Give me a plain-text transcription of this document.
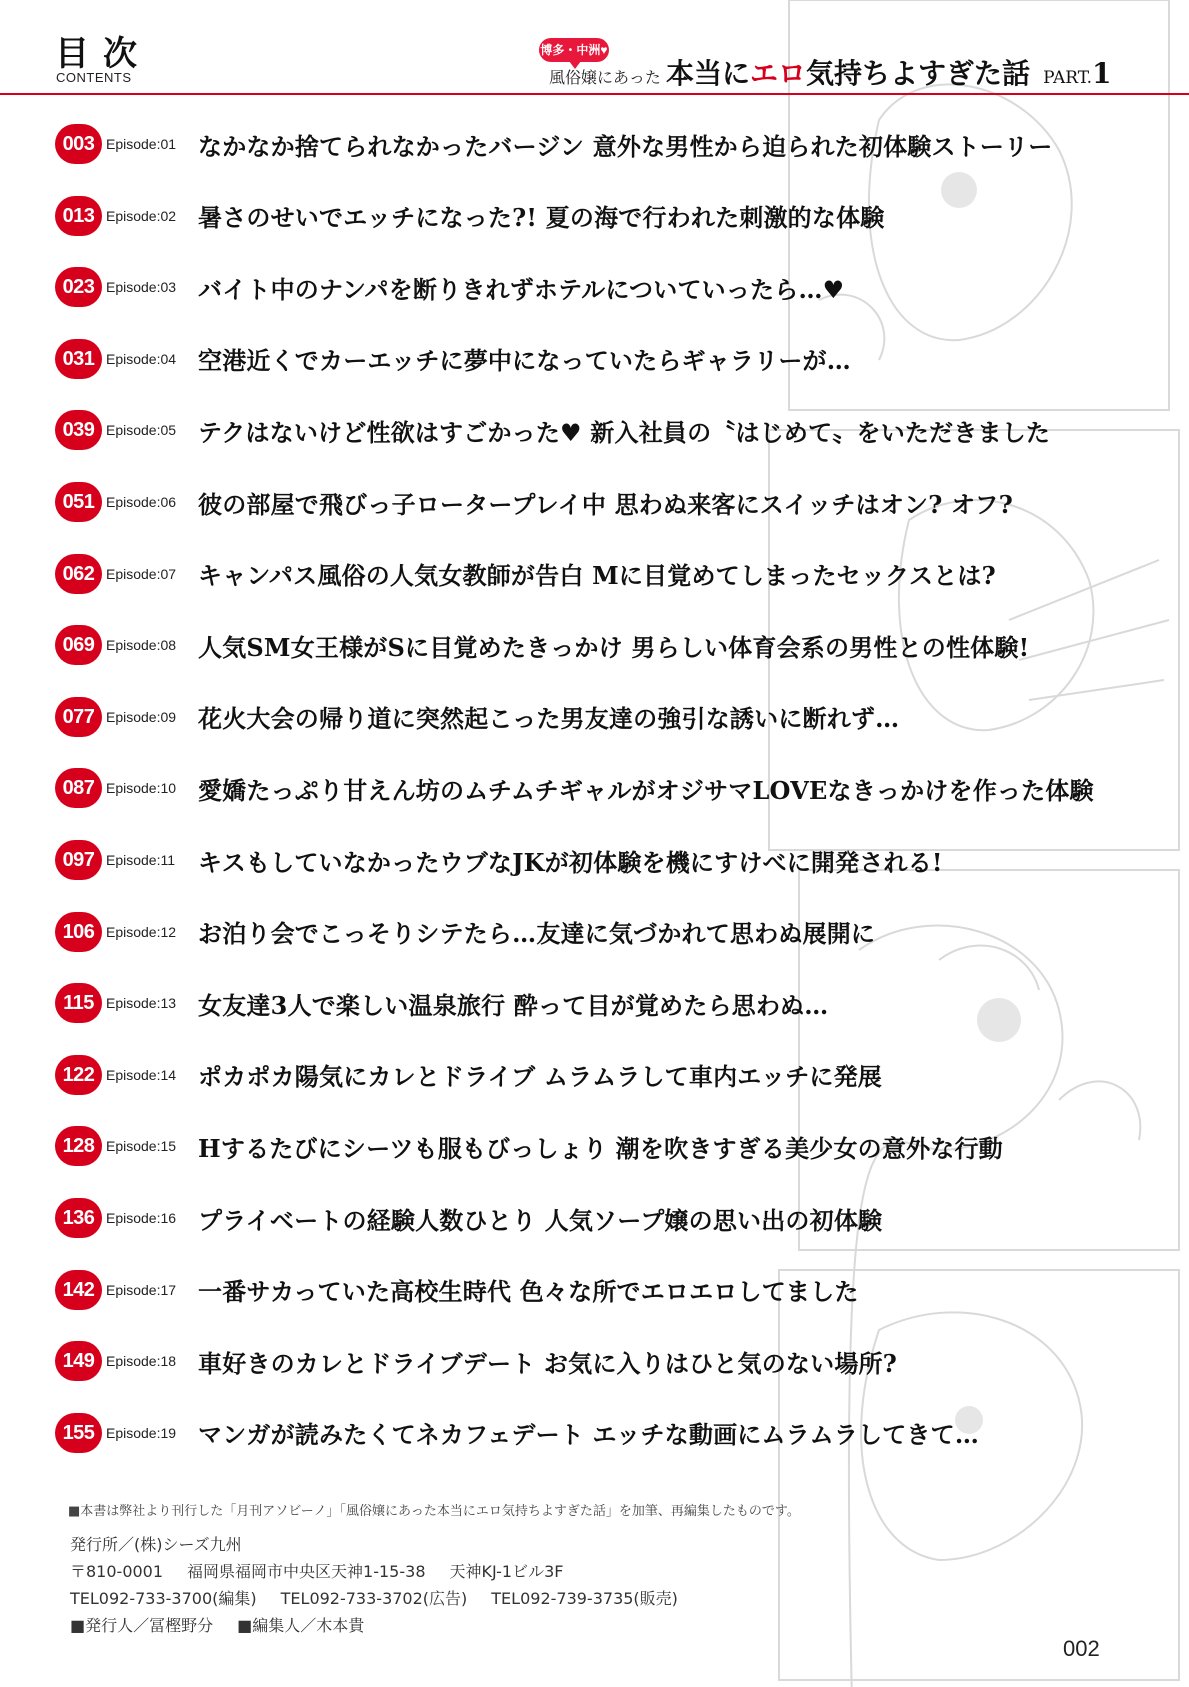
目次
CONTENTS
博多・中洲♥
風俗嬢にあった 本当にエロ気持ちよすぎた話 PART.1
003 Episode:01 なかなか捨てられなかったバージン 意外な男性から迫られた初体験ストーリー
013 Episode:02 暑さのせいでエッチになった?! 夏の海で行われた刺激的な体験
023 Episode:03 バイト中のナンパを断りきれずホテルについていったら…♥
031 Episode:04 空港近くでカーエッチに夢中になっていたらギャラリーが…
039 Episode:05 テクはないけど性欲はすごかった♥ 新入社員の〝はじめて〟をいただきました
051 Episode:06 彼の部屋で飛びっ子ロータープレイ中 思わぬ来客にスイッチはオン? オフ?
062 Episode:07 キャンパス風俗の人気女教師が告白 Mに目覚めてしまったセックスとは?
069 Episode:08 人気SM女王様がSに目覚めたきっかけ 男らしい体育会系の男性との性体験!
077 Episode:09 花火大会の帰り道に突然起こった男友達の強引な誘いに断れず…
087 Episode:10 愛嬌たっぷり甘えん坊のムチムチギャルがオジサマLOVEなきっかけを作った体験
097 Episode:11 キスもしていなかったウブなJKが初体験を機にすけべに開発される!
106 Episode:12 お泊り会でこっそりシテたら…友達に気づかれて思わぬ展開に
115 Episode:13 女友達3人で楽しい温泉旅行 酔って目が覚めたら思わぬ…
122 Episode:14 ポカポカ陽気にカレとドライブ ムラムラして車内エッチに発展
128 Episode:15 Hするたびにシーツも服もびっしょり 潮を吹きすぎる美少女の意外な行動
136 Episode:16 プライベートの経験人数ひとり 人気ソープ嬢の思い出の初体験
142 Episode:17 一番サカっていた高校生時代 色々な所でエロエロしてました
149 Episode:18 車好きのカレとドライブデート お気に入りはひと気のない場所?
155 Episode:19 マンガが読みたくてネカフェデート エッチな動画にムラムラしてきて…
■本書は弊社より刊行した「月刊アソビーノ」「風俗嬢にあった本当にエロ気持ちよすぎた話」を加筆、再編集したものです。
発行所／(株)シーズ九州
〒810-0001 福岡県福岡市中央区天神1-15-38 天神KJ-1ビル3F
TEL092-733-3700(編集) TEL092-733-3702(広告) TEL092-739-3735(販売)
■発行人／冨樫野分 ■編集人／木本貴
002
